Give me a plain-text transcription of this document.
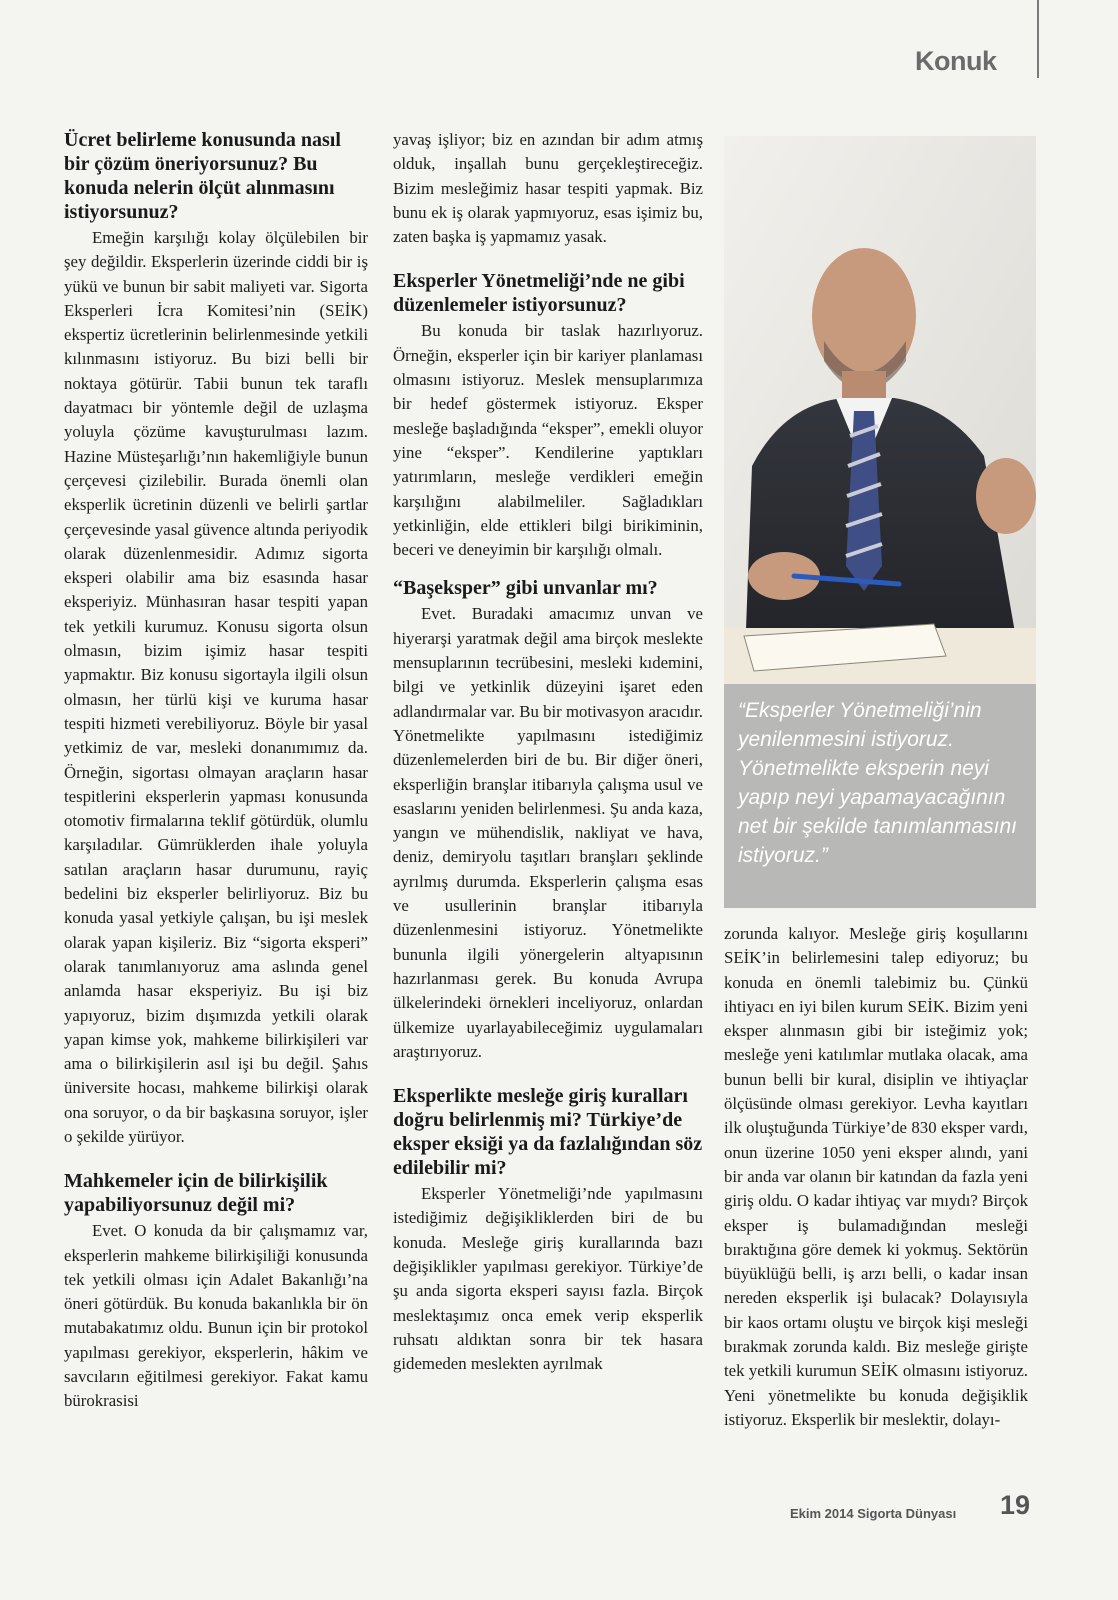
Konuk
Ücret belirleme konusunda nasıl bir çözüm öneriyorsunuz? Bu konuda nelerin ölçüt alınmasını istiyorsunuz?

Emeğin karşılığı kolay ölçülebilen bir şey değildir. Eksperlerin üzerinde ciddi bir iş yükü ve bunun bir sabit maliyeti var. Sigorta Eksperleri İcra Komitesi’nin (SEİK) ekspertiz ücretlerinin belirlenmesinde yetkili kılınmasını istiyoruz. Bu bizi belli bir noktaya götürür. Tabii bunun tek taraflı dayatmacı bir yöntemle değil de uzlaşma yoluyla çözüme kavuşturulması lazım. Hazine Müsteşarlığı’nın hakemliğiyle bunun çerçevesi çizilebilir. Burada önemli olan eksperlik ücretinin düzenli ve belirli şartlar çerçevesinde yasal güvence altında periyodik olarak düzenlenmesidir. Adımız sigorta eksperi olabilir ama biz esasında hasar eksperiyiz. Münhasıran hasar tespiti yapan tek yetkili kurumuz. Konusu sigorta olsun olmasın, bizim işimiz hasar tespiti yapmaktır. Biz konusu sigortayla ilgili olsun olmasın, her türlü kişi ve kuruma hasar tespiti hizmeti verebiliyoruz. Böyle bir yasal yetkimiz de var, mesleki donanımımız da. Örneğin, sigortası olmayan araçların hasar tespitlerini eksperlerin yapması konusunda otomotiv firmalarına teklif götürdük, olumlu karşıladılar. Gümrüklerden ihale yoluyla satılan araçların hasar durumunu, rayiç bedelini biz eksperler belirliyoruz. Biz bu konuda yasal yetkiyle çalışan, bu işi meslek olarak yapan kişileriz. Biz “sigorta eksperi” olarak tanımlanıyoruz ama aslında genel anlamda hasar eksperiyiz. Bu işi biz yapıyoruz, bizim dışımızda yetkili olarak yapan kimse yok, mahkeme bilirkişileri var ama o bilirkişilerin asıl işi bu değil. Şahıs üniversite hocası, mahkeme bilirkişi olarak ona soruyor, o da bir başkasına soruyor, işler o şekilde yürüyor.

Mahkemeler için de bilirkişilik yapabiliyorsunuz değil mi?

Evet. O konuda da bir çalışmamız var, eksperlerin mahkeme bilirkişiliği konusunda tek yetkili olması için Adalet Bakanlığı’na öneri götürdük. Bu konuda bakanlıkla bir ön mutabakatımız oldu. Bunun için bir protokol yapılması gerekiyor, eksperlerin, hâkim ve savcıların eğitilmesi gerekiyor. Fakat kamu bürokrasisi

yavaş işliyor; biz en azından bir adım atmış olduk, inşallah bunu gerçekleştireceğiz. Bizim mesleğimiz hasar tespiti yapmak. Biz bunu ek iş olarak yapmıyoruz, esas işimiz bu, zaten başka iş yapmamız yasak.

Eksperler Yönetmeliği’nde ne gibi düzenlemeler istiyorsunuz?

Bu konuda bir taslak hazırlıyoruz. Örneğin, eksperler için bir kariyer planlaması olmasını istiyoruz. Meslek mensuplarımıza bir hedef göstermek istiyoruz. Eksper mesleğe başladığında “eksper”, emekli oluyor yine “eksper”. Kendilerine yaptıkları yatırımların, mesleğe verdikleri emeğin karşılığını alabilmeliler. Sağladıkları yetkinliğin, elde ettikleri bilgi birikiminin, beceri ve deneyimin bir karşılığı olmalı.

“Başeksper” gibi unvanlar mı?

Evet. Buradaki amacımız unvan ve hiyerarşi yaratmak değil ama birçok meslekte mensuplarının tecrübesini, mesleki kıdemini, bilgi ve yetkinlik düzeyini işaret eden adlandırmalar var. Bu bir motivasyon aracıdır. Yönetmelikte yapılmasını istediğimiz düzenlemelerden biri de bu. Bir diğer öneri, eksperliğin branşlar itibarıyla çalışma usul ve esaslarını yeniden belirlenmesi. Şu anda kaza, yangın ve mühendislik, nakliyat ve hava, deniz, demiryolu taşıtları branşları şeklinde ayrılmış durumda. Eksperlerin çalışma esas ve usullerinin branşlar itibarıyla düzenlenmesini istiyoruz. Yönetmelikte bununla ilgili yönergelerin altyapısının hazırlanması gerek. Bu konuda Avrupa ülkelerindeki örnekleri inceliyoruz, onlardan ülkemize uyarlayabileceğimiz uygulamaları araştırıyoruz.

Eksperlikte mesleğe giriş kuralları doğru belirlenmiş mi? Türkiye’de eksper eksiği ya da fazlalığından söz edilebilir mi?

Eksperler Yönetmeliği’nde yapılmasını istediğimiz değişikliklerden biri de bu konuda. Mesleğe giriş kurallarında bazı değişiklikler yapılması gerekiyor. Türkiye’de şu anda sigorta eksperi sayısı fazla. Birçok meslektaşımız onca emek verip eksperlik ruhsatı aldıktan sonra bir tek hasara gidemeden meslekten ayrılmak

“Eksperler Yönetmeliği’nin yenilenmesini istiyoruz. Yönetmelikte eksperin neyi yapıp neyi yapamayacağının net bir şekilde tanımlanmasını istiyoruz.”

zorunda kalıyor. Mesleğe giriş koşullarını SEİK’in belirlemesini talep ediyoruz; bu konuda en önemli talebimiz bu. Çünkü ihtiyacı en iyi bilen kurum SEİK. Bizim yeni eksper alınmasın gibi bir isteğimiz yok; mesleğe yeni katılımlar mutlaka olacak, ama bunun belli bir kural, disiplin ve ihtiyaçlar ölçüsünde olması gerekiyor. Levha kayıtları ilk oluştuğunda Türkiye’de 830 eksper vardı, onun üzerine 1050 yeni eksper alındı, yani bir anda var olanın bir katından da fazla yeni giriş oldu. O kadar ihtiyaç var mıydı? Birçok eksper iş bulamadığından mesleği bıraktığına göre demek ki yokmuş. Sektörün büyüklüğü belli, iş arzı belli, o kadar insan nereden eksperlik işi bulacak? Dolayısıyla bir kaos ortamı oluştu ve birçok kişi mesleği bırakmak zorunda kaldı. Biz mesleğe girişte tek yetkili kurumun SEİK olmasını istiyoruz. Yeni yönetmelikte bu konuda değişiklik istiyoruz. Eksperlik bir meslektir, dolayı-

Ekim 2014 Sigorta Dünyası 19
